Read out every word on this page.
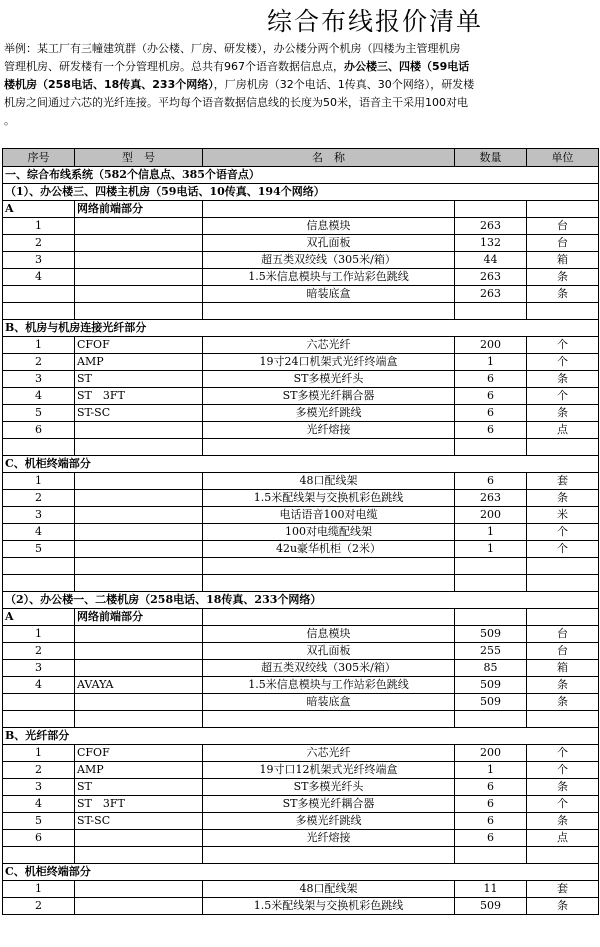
综合布线报价清单

举例：某工厂有三幢建筑群（办公楼、厂房、研发楼），办公楼分两个机房（四楼为主管理机房

管理机房、研发楼有一个分管理机房。总共有967个语音数据信息点，办公楼三、四楼（59电话

楼机房（258电话、18传真、233个网络），厂房机房（32个电话、1传真、30个网络），研发楼

机房之间通过六芯的光纤连接。平均每个语音数据信息线的长度为50米，语音主干采用100对电

。

序号	型　号	名　称	数量	单位
一、综合布线系统（582个信息点、385个语音点）				
（1）、办公楼三、四楼主机房（59电话、10传真、194个网络）				
A	网络前端部分			
1		信息模块	263	台
2		双孔面板	132	台
3		超五类双绞线（305米/箱）	44	箱
4		1.5米信息模块与工作站彩色跳线	263	条
		暗装底盒	263	条

B、机房与机房连接光纤部分				
1	CFOF	六芯光纤	200	个
2	AMP	19寸24口机架式光纤终端盒	1	个
3	ST	ST多模光纤头	6	条
4	ST　3FT	ST多模光纤耦合器	6	个
5	ST-SC	多模光纤跳线	6	条
6		光纤熔接	6	点

C、机柜终端部分				
1		48口配线架	6	套
2		1.5米配线架与交换机彩色跳线	263	条
3		电话语音100对电缆	200	米
4		100对电缆配线架	1	个
5		42u豪华机柜（2米）	1	个

（2）、办公楼一、二楼机房（258电话、18传真、233个网络）				
A	网络前端部分			
1		信息模块	509	台
2		双孔面板	255	台
3		超五类双绞线（305米/箱）	85	箱
4	AVAYA	1.5米信息模块与工作站彩色跳线	509	条
		暗装底盒	509	条

B、光纤部分				
1	CFOF	六芯光纤	200	个
2	AMP	19寸口12机架式光纤终端盒	1	个
3	ST	ST多模光纤头	6	条
4	ST　3FT	ST多模光纤耦合器	6	个
5	ST-SC	多模光纤跳线	6	条
6		光纤熔接	6	点

C、机柜终端部分				
1		48口配线架	11	套
2		1.5米配线架与交换机彩色跳线	509	条
